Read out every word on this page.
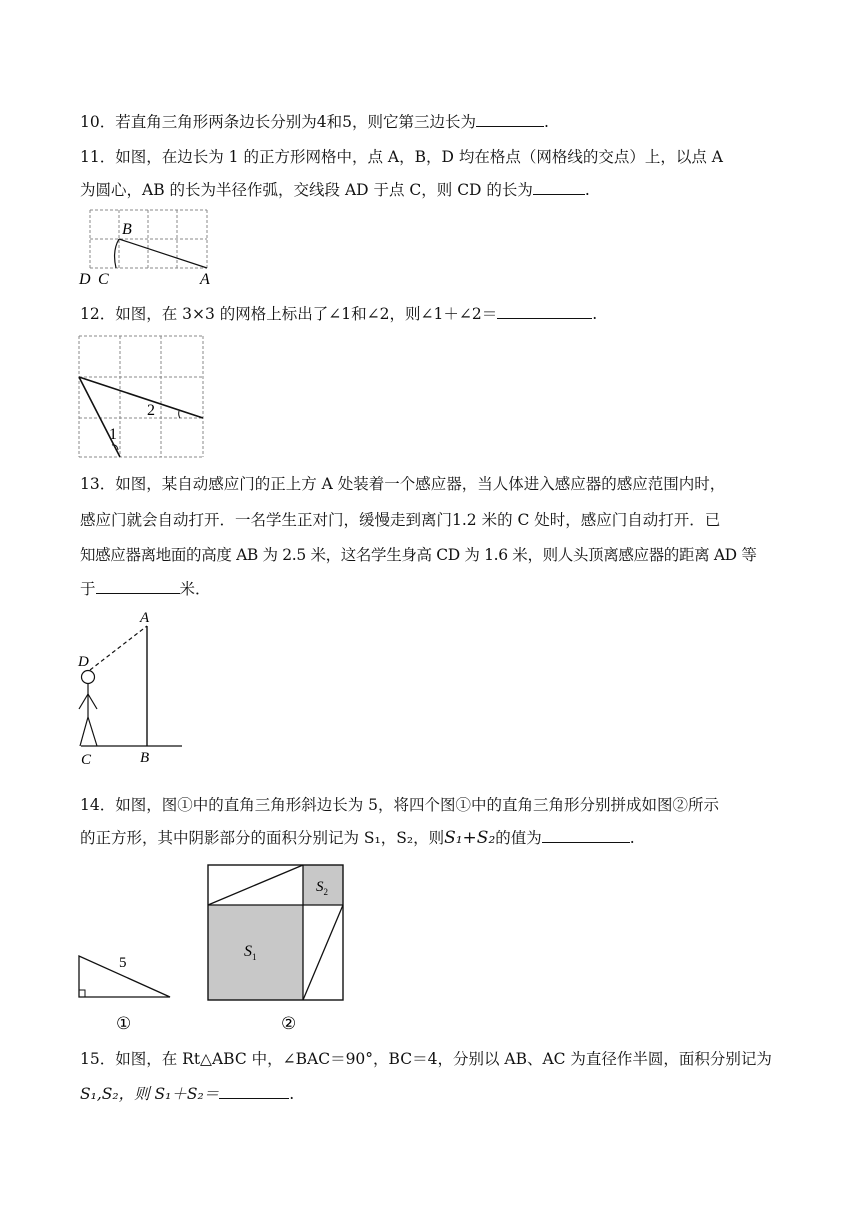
10．若直角三角形两条边长分别为4和5，则它第三边长为	.
11．如图，在边长为 1 的正方形网格中，点 A，B，D 均在格点（网格线的交点）上，以点 A
为圆心，AB 的长为半径作弧，交线段 AD 于点 C，则 CD 的长为	.
B
D C	A
12．如图，在 3×3 的网格上标出了∠1和∠2，则∠1＋∠2＝	.
2
1
13．如图，某自动感应门的正上方 A 处装着一个感应器，当人体进入感应器的感应范围内时，
感应门就会自动打开．一名学生正对门，缓慢走到离门1.2 米的 C 处时，感应门自动打开．已
知感应器离地面的高度 AB 为 2.5 米，这名学生身高 CD 为 1.6 米，则人头顶离感应器的距离 AD 等
于	米．
A
D
C	B
14．如图，图①中的直角三角形斜边长为 5，将四个图①中的直角三角形分别拼成如图②所示
的正方形，其中阴影部分的面积分别记为 S₁，S₂，则S₁+S₂的值为	.
5
①
$S_2$
$S_1$
②
15．如图，在 Rt△ABC 中，∠BAC＝90°，BC＝4，分别以 AB、AC 为直径作半圆，面积分别记为
S₁,S₂，则 S₁＋S₂＝	.
